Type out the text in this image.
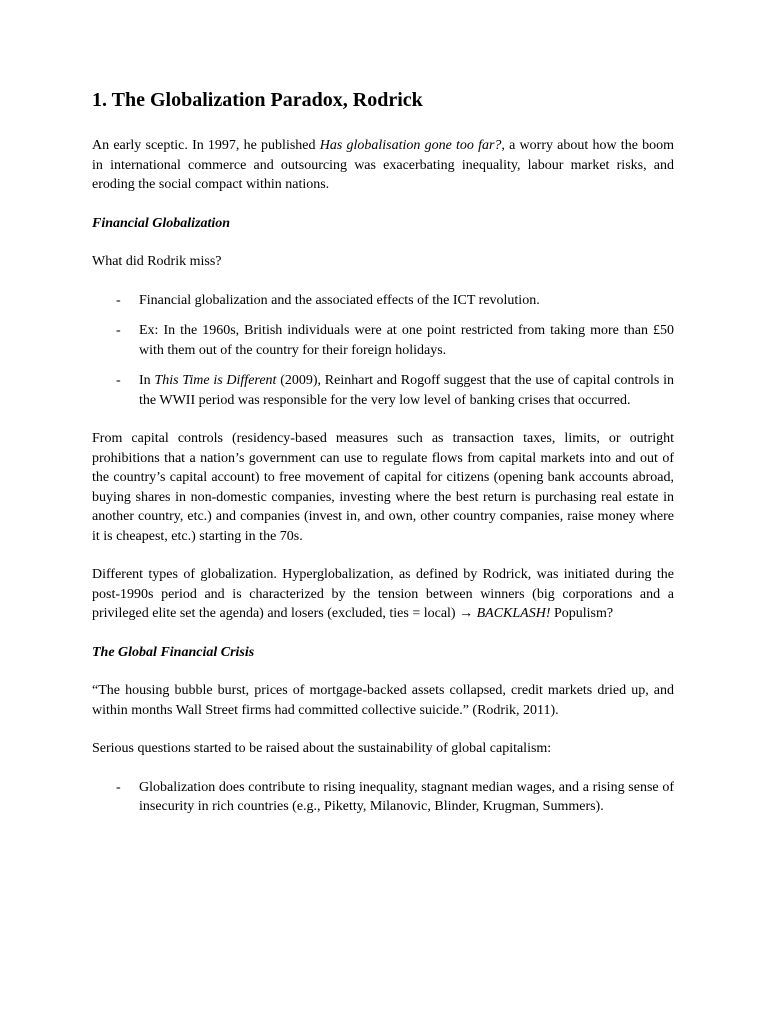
1. The Globalization Paradox, Rodrick

An early sceptic. In 1997, he published Has globalisation gone too far?, a worry about how the boom in international commerce and outsourcing was exacerbating inequality, labour market risks, and eroding the social compact within nations.

Financial Globalization

What did Rodrik miss?

- Financial globalization and the associated effects of the ICT revolution.
- Ex: In the 1960s, British individuals were at one point restricted from taking more than £50 with them out of the country for their foreign holidays.
- In This Time is Different (2009), Reinhart and Rogoff suggest that the use of capital controls in the WWII period was responsible for the very low level of banking crises that occurred.

From capital controls (residency-based measures such as transaction taxes, limits, or outright prohibitions that a nation’s government can use to regulate flows from capital markets into and out of the country’s capital account) to free movement of capital for citizens (opening bank accounts abroad, buying shares in non-domestic companies, investing where the best return is purchasing real estate in another country, etc.) and companies (invest in, and own, other country companies, raise money where it is cheapest, etc.) starting in the 70s.

Different types of globalization. Hyperglobalization, as defined by Rodrick, was initiated during the post-1990s period and is characterized by the tension between winners (big corporations and a privileged elite set the agenda) and losers (excluded, ties = local) → BACKLASH! Populism?

The Global Financial Crisis

“The housing bubble burst, prices of mortgage-backed assets collapsed, credit markets dried up, and within months Wall Street firms had committed collective suicide.” (Rodrik, 2011).

Serious questions started to be raised about the sustainability of global capitalism:

- Globalization does contribute to rising inequality, stagnant median wages, and a rising sense of insecurity in rich countries (e.g., Piketty, Milanovic, Blinder, Krugman, Summers).
